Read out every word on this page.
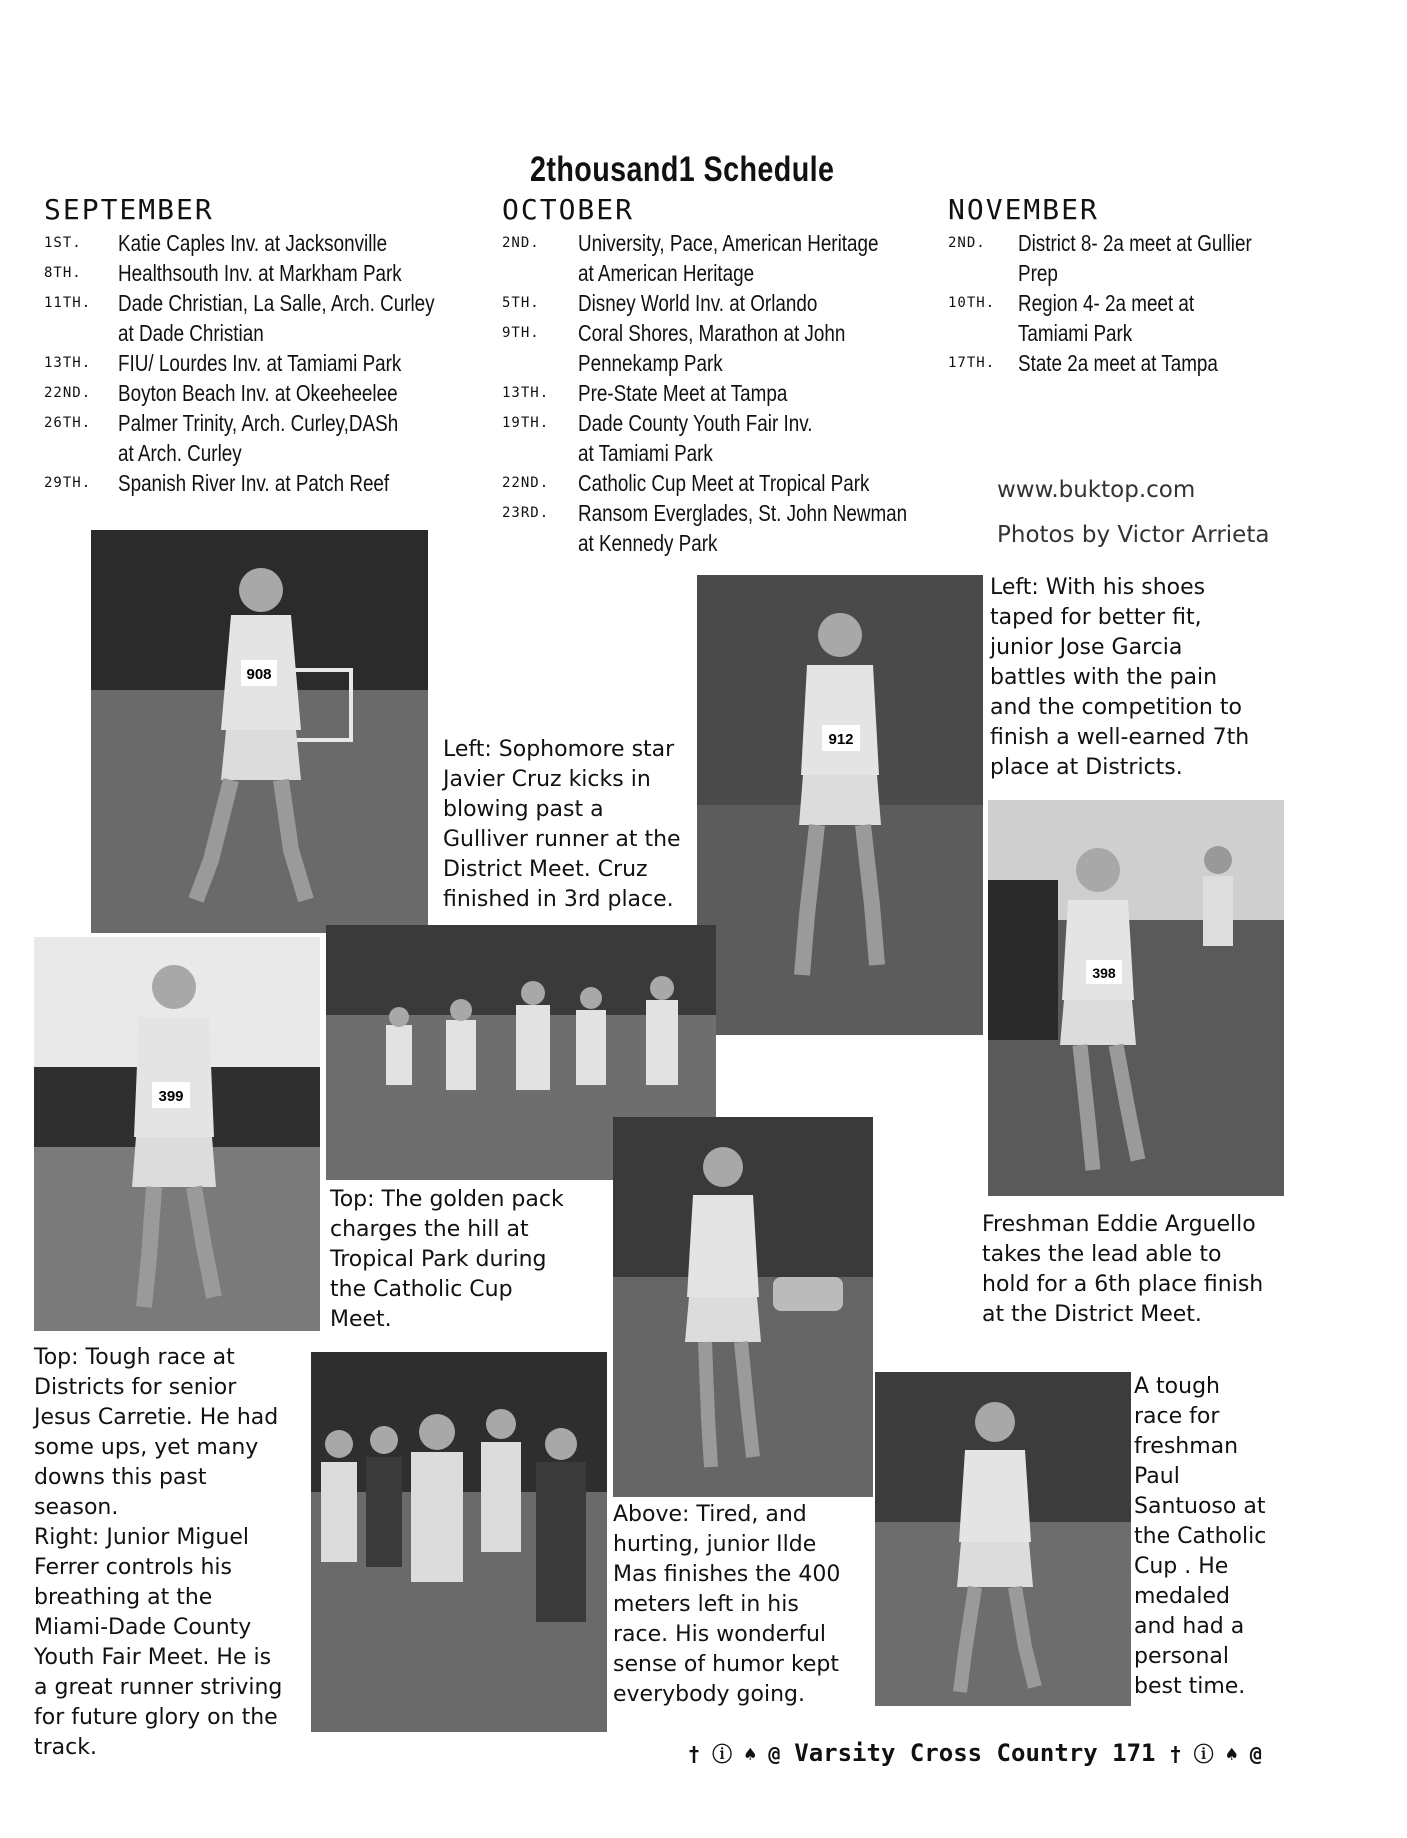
2thousand1 Schedule
SEPTEMBER
1ST.	Katie Caples Inv. at Jacksonville
8TH.	Healthsouth Inv. at Markham Park
11TH.	Dade Christian, La Salle, Arch. Curley
at Dade Christian
13TH.	FIU/ Lourdes Inv. at Tamiami Park
22ND.	Boyton Beach Inv. at Okeeheelee
26TH.	Palmer Trinity, Arch. Curley,DASh
at Arch. Curley
29TH.	Spanish River Inv. at Patch Reef
OCTOBER
2ND.	University, Pace, American Heritage
at American Heritage
5TH.	Disney World Inv. at Orlando
9TH.	Coral Shores, Marathon at John
Pennekamp Park
13TH.	Pre-State Meet at Tampa
19TH.	Dade County Youth Fair Inv.
at Tamiami Park
22ND.	Catholic Cup Meet at Tropical Park
23RD.	Ransom Everglades, St. John Newman
at Kennedy Park
NOVEMBER
2ND.	District 8- 2a meet at Gullier
Prep
10TH. Region 4- 2a meet at
Tamiami Park
17TH. State 2a meet at Tampa
www.buktop.com
Photos by Victor Arrieta
908
Left: Sophomore star
Javier Cruz kicks in
blowing past a
Gulliver runner at the
District Meet. Cruz
finished in 3rd place.
912
Left: With his shoes
taped for better fit,
junior Jose Garcia
battles with the pain
and the competition to
finish a well-earned 7th
place at Districts.
399
398
Top: The golden pack
charges the hill at
Tropical Park during
the Catholic Cup
Meet.
Freshman Eddie Arguello
takes the lead able to
hold for a 6th place finish
at the District Meet.
Top: Tough race at
Districts for senior
Jesus Carretie. He had
some ups, yet many
downs this past
season.
Right: Junior Miguel
Ferrer controls his
breathing at the
Miami-Dade County
Youth Fair Meet. He is
a great runner striving
for future glory on the
track.
Above: Tired, and
hurting, junior Ilde
Mas finishes the 400
meters left in his
race. His wonderful
sense of humor kept
everybody going.
A tough
race for
freshman
Paul
Santuoso at
the Catholic
Cup . He
medaled
and had a
personal
best time.
† ⓘ ♠ @ Varsity Cross Country 171 † ⓘ ♠ @
